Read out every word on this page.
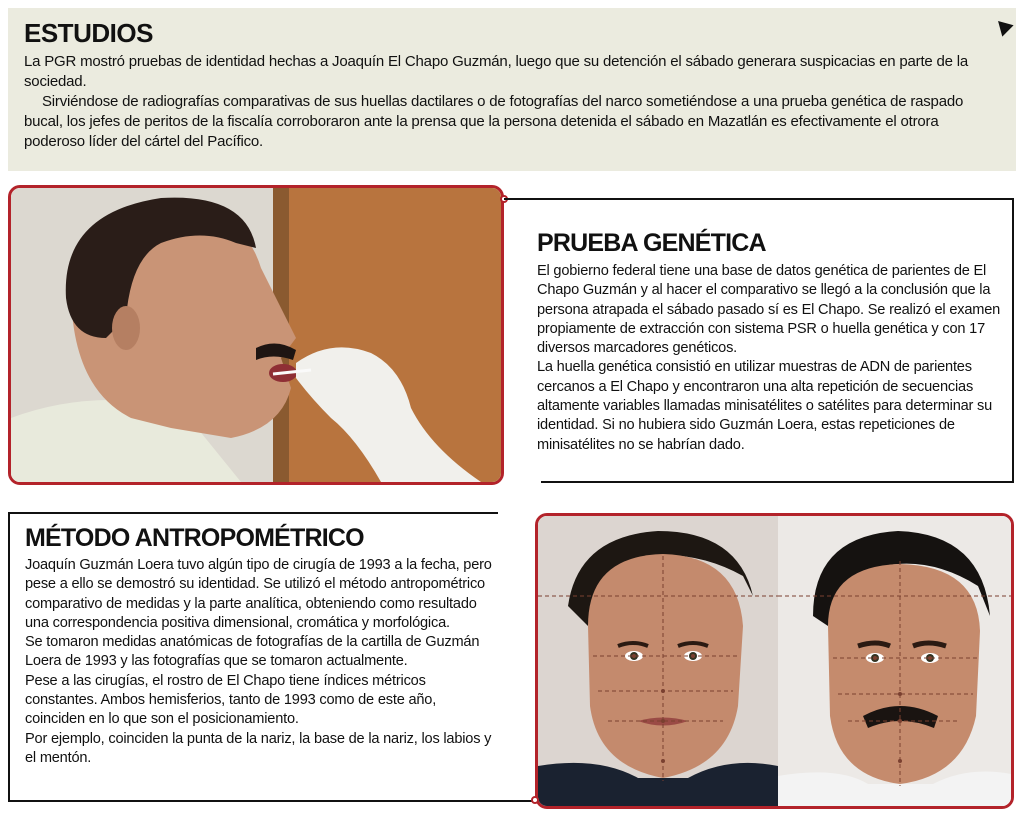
ESTUDIOS

La PGR mostró pruebas de identidad hechas a Joaquín El Chapo Guzmán, luego que su detención el sábado generara suspicacias en parte de la sociedad.

Sirviéndose de radiografías comparativas de sus huellas dactilares o de fotografías del narco sometiéndose a una prueba genética de raspado bucal, los jefes de peritos de la fiscalía corroboraron ante la prensa que la persona detenida el sábado en Mazatlán es efectivamente el otrora poderoso líder del cártel del Pacífico.

PRUEBA GENÉTICA
El gobierno federal tiene una base de datos genética de parientes de El Chapo Guzmán y al hacer el comparativo se llegó a la conclusión que la persona atrapada el sábado pasado sí es El Chapo. Se realizó el examen propiamente de extracción con sistema PSR o huella genética y con 17 diversos marcadores genéticos.
La huella genética consistió en utilizar muestras de ADN de parientes cercanos a El Chapo y encontraron una alta repetición de secuencias altamente variables llamadas minisatélites o satélites para determinar su identidad. Si no hubiera sido Guzmán Loera, estas repeticiones de minisatélites no se habrían dado.
MÉTODO ANTROPOMÉTRICO
Joaquín Guzmán Loera tuvo algún tipo de cirugía de 1993 a la fecha, pero pese a ello se demostró su identidad. Se utilizó el método antropométrico comparativo de medidas y la parte analítica, obteniendo como resultado una correspondencia positiva dimensional, cromática y morfológica.
Se tomaron medidas anatómicas de fotografías de la cartilla de Guzmán Loera de 1993 y las fotografías que se tomaron actualmente.
Pese a las cirugías, el rostro de El Chapo tiene índices métricos constantes. Ambos hemisferios, tanto de 1993 como de este año, coinciden en lo que son el posicionamiento.
Por ejemplo, coinciden la punta de la nariz, la base de la nariz, los labios y el mentón.
